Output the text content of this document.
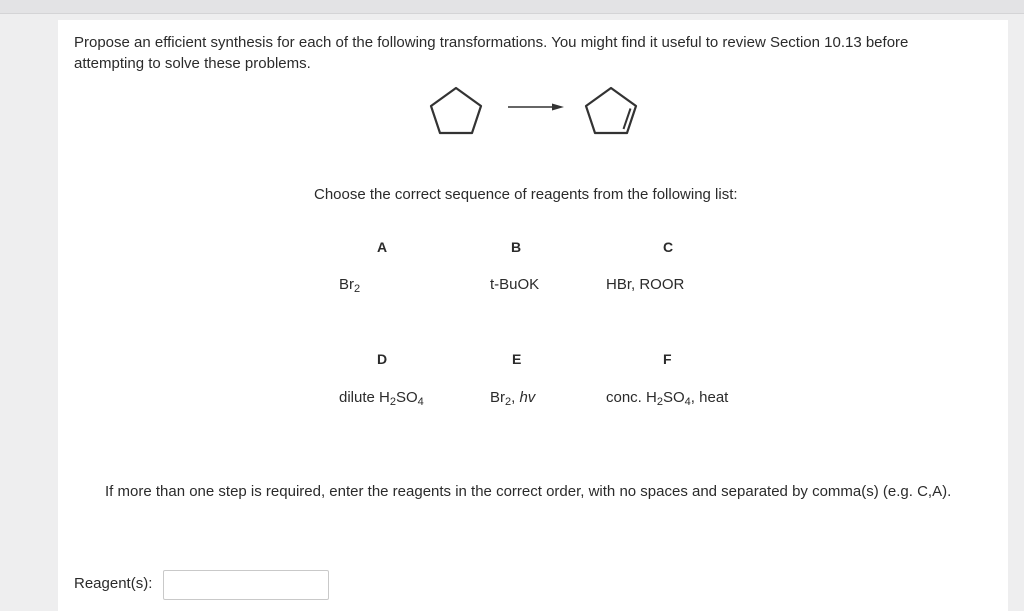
Propose an efficient synthesis for each of the following transformations. You might find it useful to review Section 10.13 before attempting to solve these problems.
Choose the correct sequence of reagents from the following list:
A	B	C
$Br_2$	t-BuOK	HBr, ROOR
D	E	F
dilute $H_2SO_4$	$Br_2$, hv	conc. $H_2SO_4$, heat
If more than one step is required, enter the reagents in the correct order, with no spaces and separated by comma(s) (e.g. C,A).
Reagent(s):
